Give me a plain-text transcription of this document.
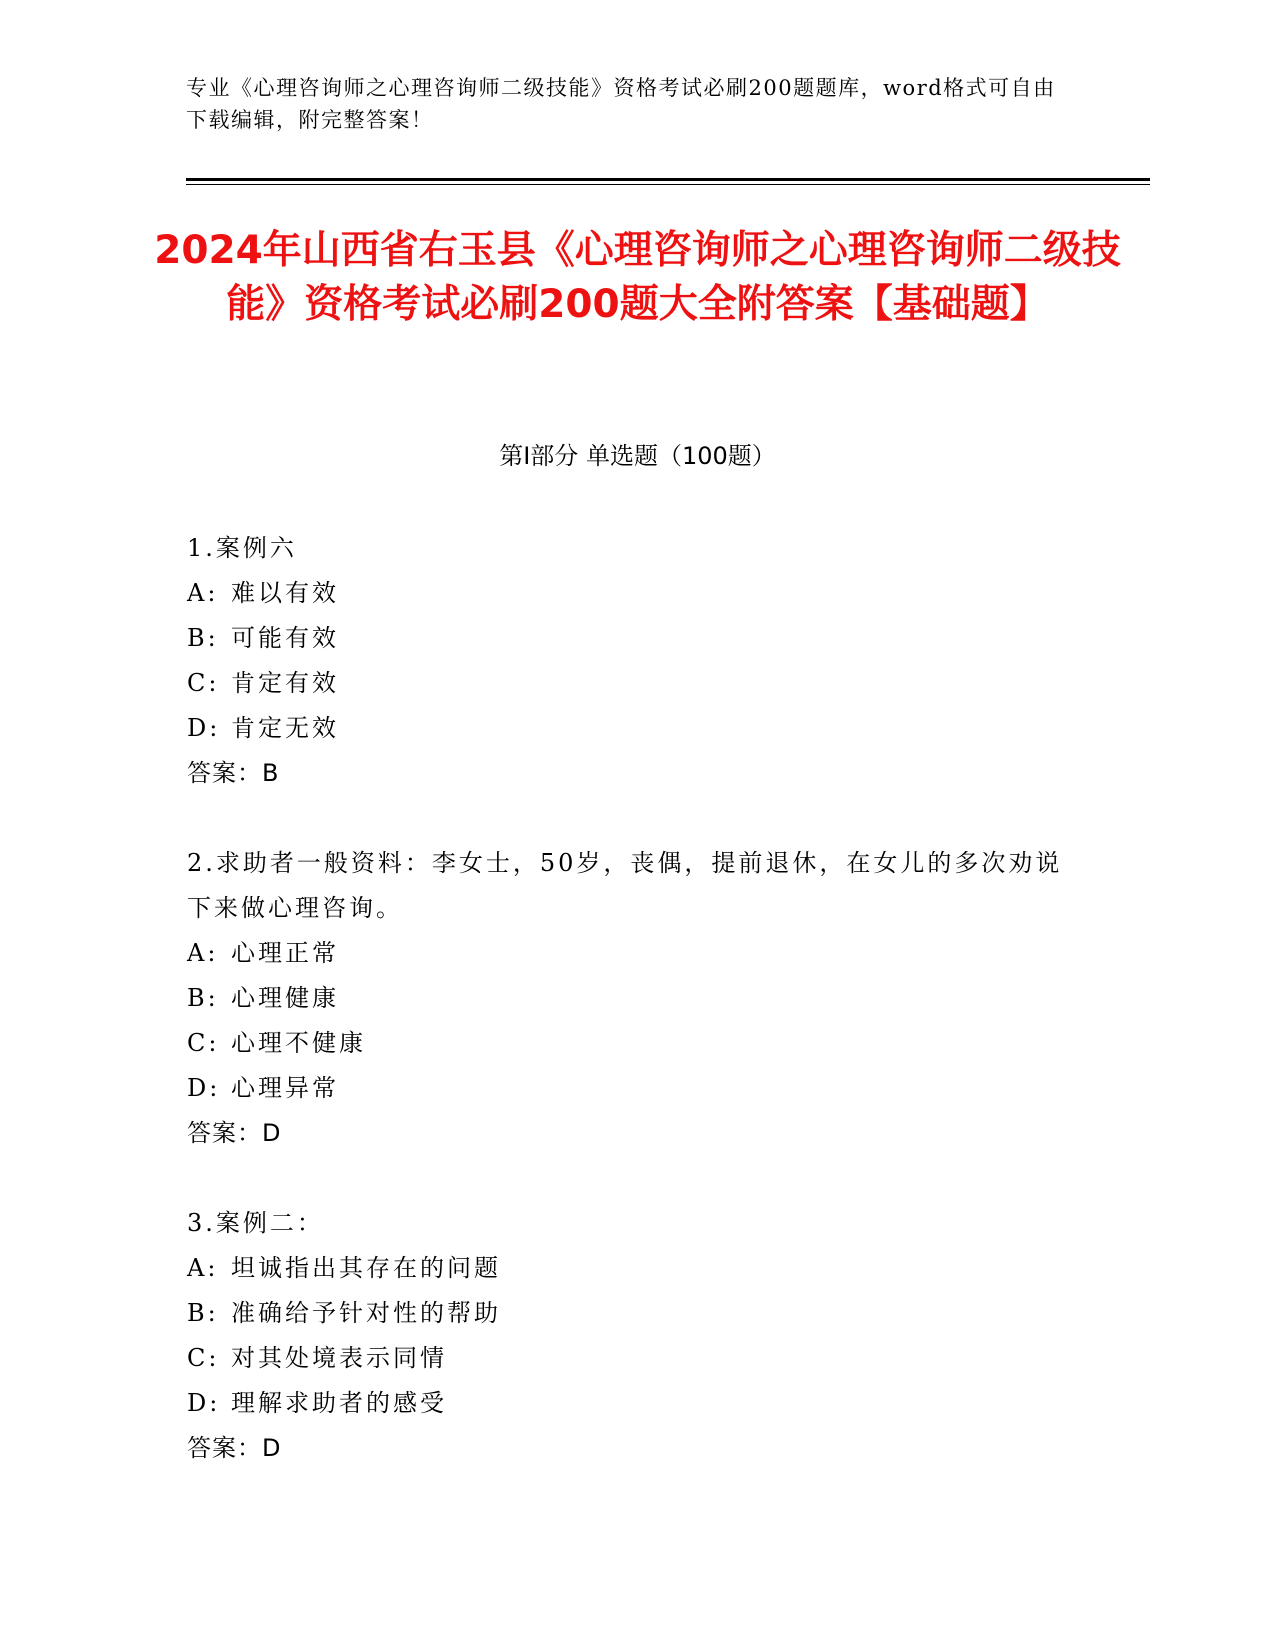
专业《心理咨询师之心理咨询师二级技能》资格考试必刷200题题库，word格式可自由下载编辑，附完整答案！
2024年山西省右玉县《心理咨询师之心理咨询师二级技能》资格考试必刷200题大全附答案【基础题】
第I部分 单选题（100题）
1.案例六
A: 难以有效
B: 可能有效
C: 肯定有效
D: 肯定无效
答案：B
2.求助者一般资料：李女士，50岁，丧偶，提前退休，在女儿的多次劝说下来做心理咨询。
A: 心理正常
B: 心理健康
C: 心理不健康
D: 心理异常
答案：D
3.案例二：
A: 坦诚指出其存在的问题
B: 准确给予针对性的帮助
C: 对其处境表示同情
D: 理解求助者的感受
答案：D
